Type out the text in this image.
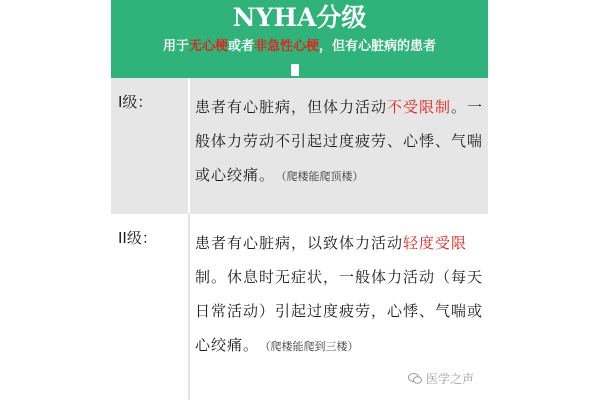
NYHA分级
用于无心梗或者非急性心梗，但有心脏病的患者
I级：	患者有心脏病，但体力活动不受限制。一般体力劳动不引起过度疲劳、心悸、气喘或心绞痛。 （爬楼能爬顶楼）
II级：	患者有心脏病，以致体力活动轻度受限制。休息时无症状，一般体力活动（每天日常活动）引起过度疲劳，心悸、气喘或心绞痛。 （爬楼能爬到三楼）
医学之声
